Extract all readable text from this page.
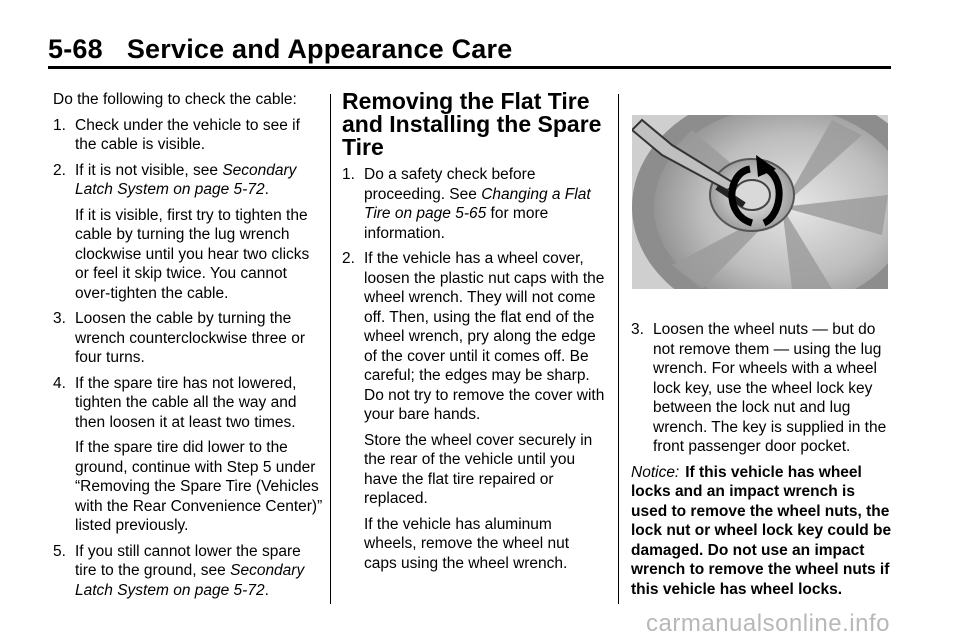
5-68 Service and Appearance Care

Do the following to check the cable:

1. Check under the vehicle to see if the cable is visible.
2. If it is not visible, see Secondary Latch System on page 5-72.

If it is visible, first try to tighten the cable by turning the lug wrench clockwise until you hear two clicks or feel it skip twice. You cannot over-tighten the cable.

3. Loosen the cable by turning the wrench counterclockwise three or four turns.
4. If the spare tire has not lowered, tighten the cable all the way and then loosen it at least two times.

If the spare tire did lower to the ground, continue with Step 5 under “Removing the Spare Tire (Vehicles with the Rear Convenience Center)” listed previously.

5. If you still cannot lower the spare tire to the ground, see Secondary Latch System on page 5-72.
Removing the Flat Tire and Installing the Spare Tire
1. Do a safety check before proceeding. See Changing a Flat Tire on page 5-65 for more information.
2. If the vehicle has a wheel cover, loosen the plastic nut caps with the wheel wrench. They will not come off. Then, using the flat end of the wheel wrench, pry along the edge of the cover until it comes off. Be careful; the edges may be sharp. Do not try to remove the cover with your bare hands.

Store the wheel cover securely in the rear of the vehicle until you have the flat tire repaired or replaced.

If the vehicle has aluminum wheels, remove the wheel nut caps using the wheel wrench.

3. Loosen the wheel nuts — but do not remove them — using the lug wrench. For wheels with a wheel lock key, use the wheel lock key between the lock nut and lug wrench. The key is supplied in the front passenger door pocket.

Notice: If this vehicle has wheel locks and an impact wrench is used to remove the wheel nuts, the lock nut or wheel lock key could be damaged. Do not use an impact wrench to remove the wheel nuts if this vehicle has wheel locks.

carmanualsonline.info
